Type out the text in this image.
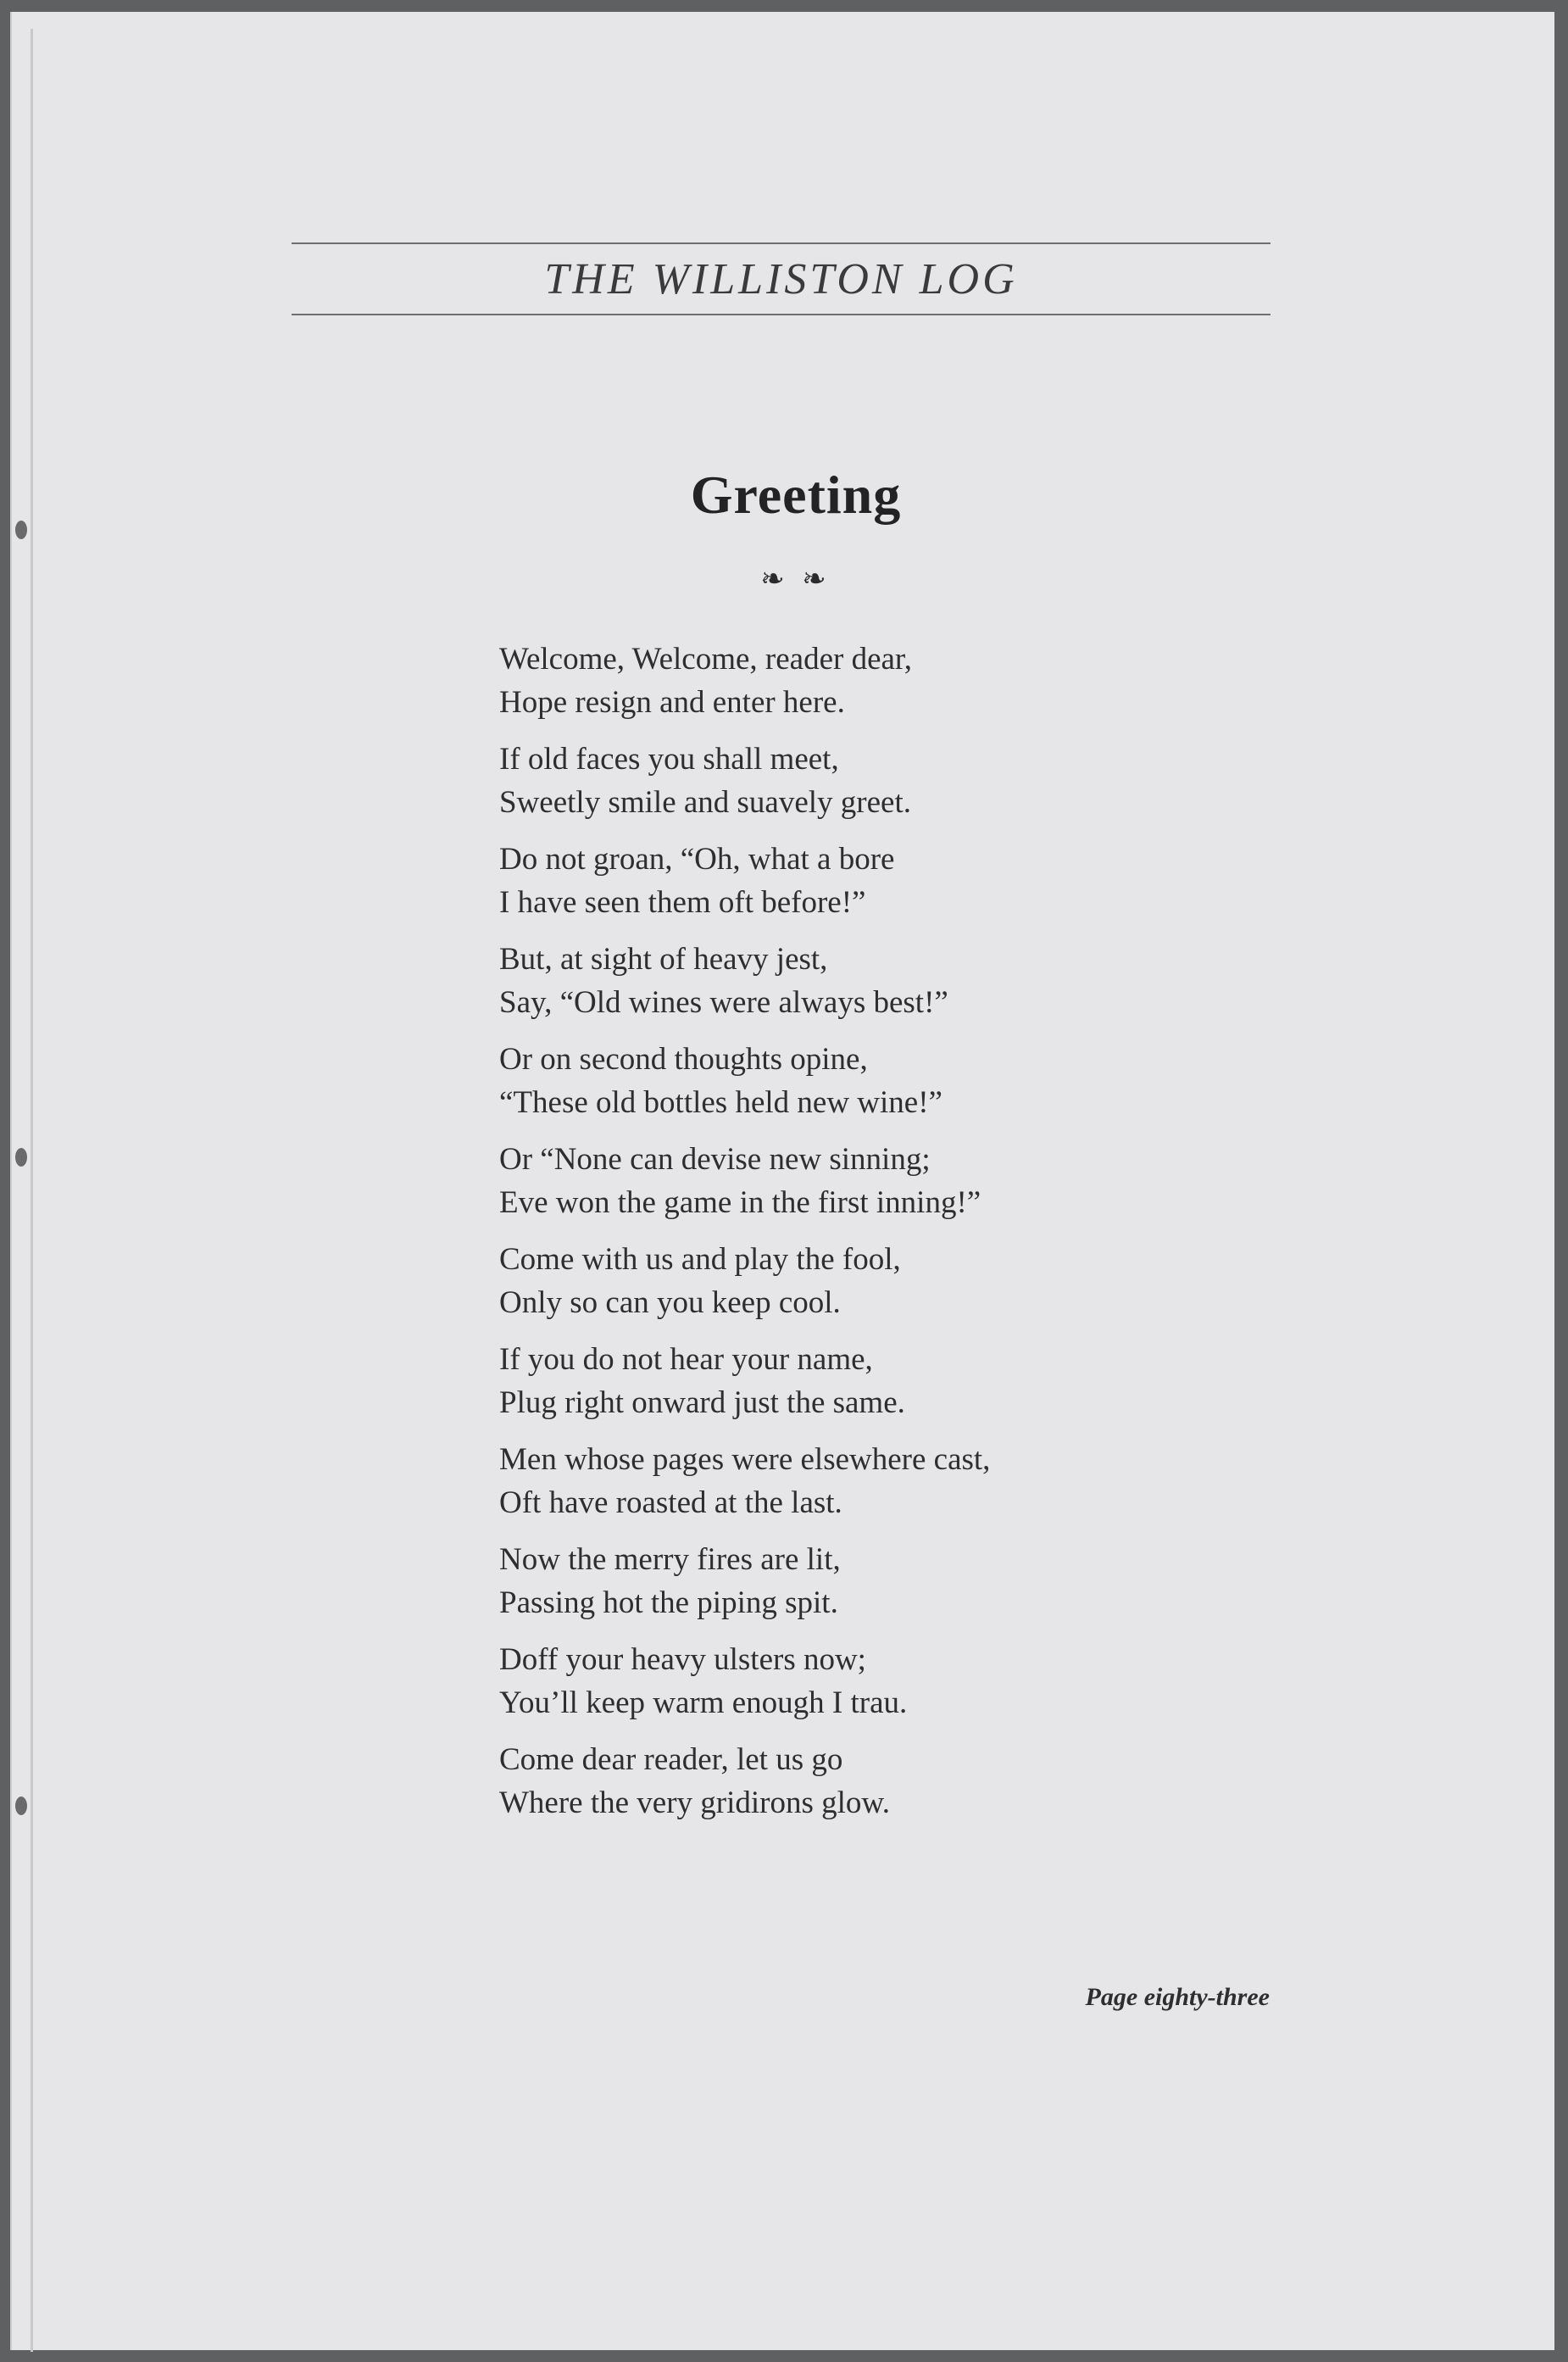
THE WILLISTON LOG
Greeting
❧ ❧
Welcome, Welcome, reader dear,
Hope resign and enter here.
If old faces you shall meet,
Sweetly smile and suavely greet.
Do not groan, “Oh, what a bore
I have seen them oft before!”
But, at sight of heavy jest,
Say, “Old wines were always best!”
Or on second thoughts opine,
“These old bottles held new wine!”
Or “None can devise new sinning;
Eve won the game in the first inning!”
Come with us and play the fool,
Only so can you keep cool.
If you do not hear your name,
Plug right onward just the same.
Men whose pages were elsewhere cast,
Oft have roasted at the last.
Now the merry fires are lit,
Passing hot the piping spit.
Doff your heavy ulsters now;
You’ll keep warm enough I trau.
Come dear reader, let us go
Where the very gridirons glow.
Page eighty-three
